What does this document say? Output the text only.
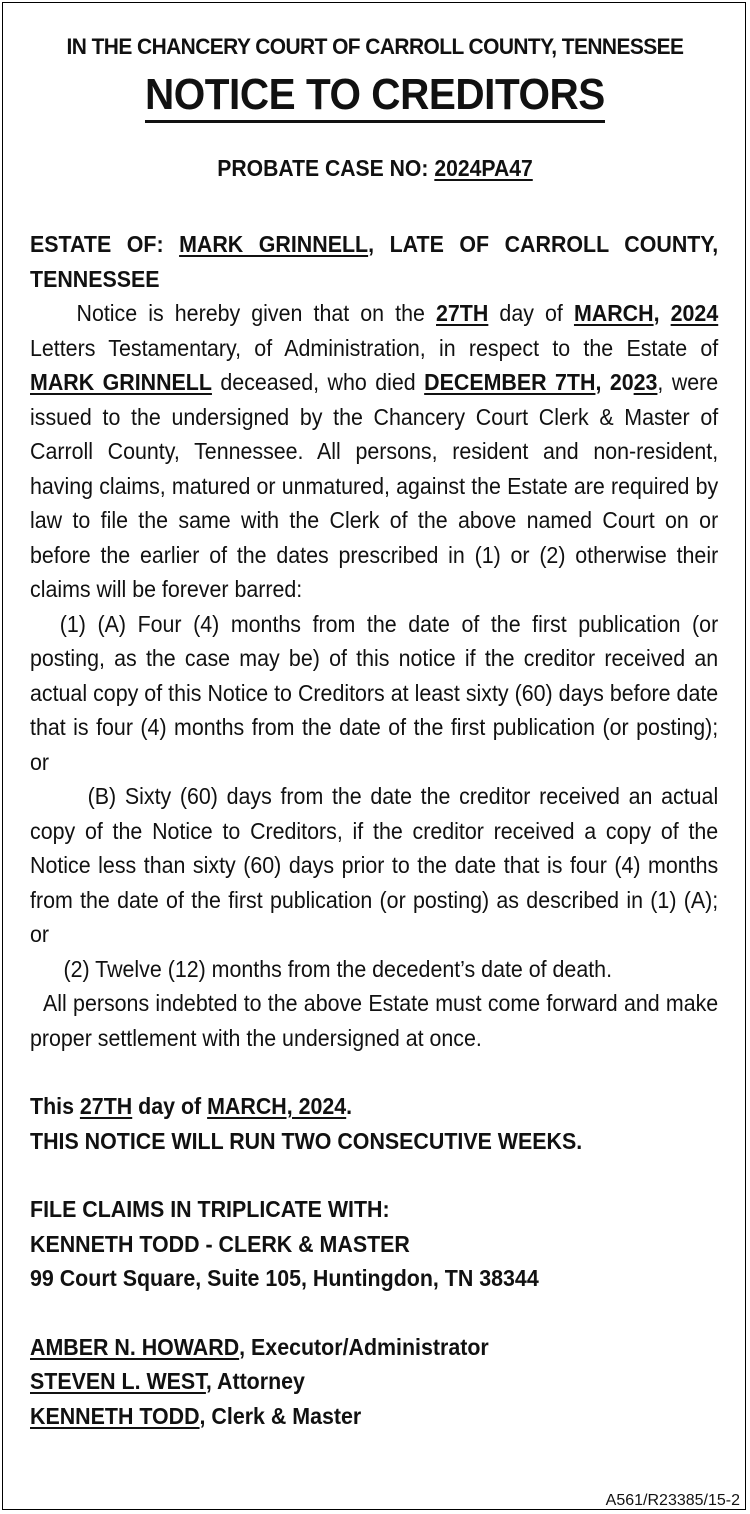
IN THE CHANCERY COURT OF CARROLL COUNTY, TENNESSEE
NOTICE TO CREDITORS
PROBATE CASE NO: 2024PA47

ESTATE OF: MARK GRINNELL, LATE OF CARROLL COUNTY, TENNESSEE

Notice is hereby given that on the 27TH day of MARCH, 2024 Letters Testamentary, of Administration, in respect to the Estate of MARK GRINNELL deceased, who died DECEMBER 7TH, 2023, were issued to the undersigned by the Chancery Court Clerk & Master of Carroll County, Tennessee. All persons, resident and non-resident, having claims, matured or unmatured, against the Estate are required by law to file the same with the Clerk of the above named Court on or before the earlier of the dates prescribed in (1) or (2) otherwise their claims will be forever barred:

(1) (A) Four (4) months from the date of the first publication (or posting, as the case may be) of this notice if the creditor received an actual copy of this Notice to Creditors at least sixty (60) days before date that is four (4) months from the date of the first publication (or posting); or

(B) Sixty (60) days from the date the creditor received an actual copy of the Notice to Creditors, if the creditor received a copy of the Notice less than sixty (60) days prior to the date that is four (4) months from the date of the first publication (or posting) as described in (1) (A); or

(2) Twelve (12) months from the decedent’s date of death.

All persons indebted to the above Estate must come forward and make proper settlement with the undersigned at once.

This 27TH day of MARCH, 2024.

THIS NOTICE WILL RUN TWO CONSECUTIVE WEEKS.

FILE CLAIMS IN TRIPLICATE WITH:

KENNETH TODD - CLERK & MASTER

99 Court Square, Suite 105, Huntingdon, TN 38344

AMBER N. HOWARD, Executor/Administrator

STEVEN L. WEST, Attorney

KENNETH TODD, Clerk & Master

A561/R23385/15-2
